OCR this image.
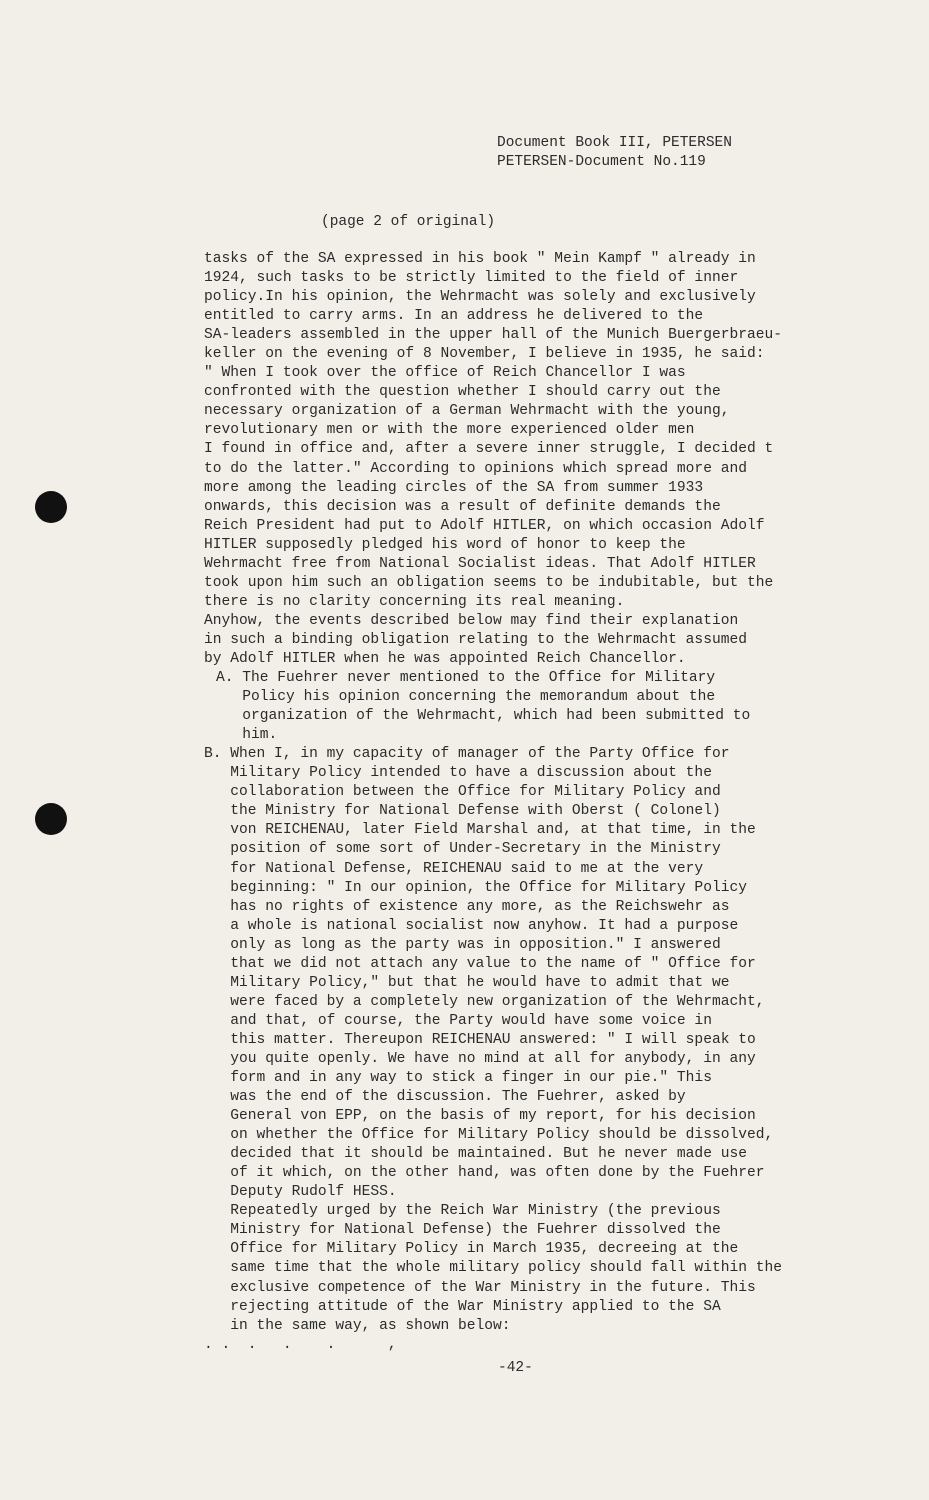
Document Book III, PETERSEN
PETERSEN-Document No.119
(page 2 of original)
tasks of the SA expressed in his book " Mein Kampf " already in
1924, such tasks to be strictly limited to the field of inner
policy.In his opinion, the Wehrmacht was solely and exclusively
entitled to carry arms. In an address he delivered to the
SA-leaders assembled in the upper hall of the Munich Buergerbraeu-
keller on the evening of 8 November, I believe in 1935, he said:
" When I took over the office of Reich Chancellor I was
confronted with the question whether I should carry out the
necessary organization of a German Wehrmacht with the young,
revolutionary men or with the more experienced older men
I found in office and, after a severe inner struggle, I decided t
to do the latter." According to opinions which spread more and
more among the leading circles of the SA from summer 1933
onwards, this decision was a result of definite demands the
Reich President had put to Adolf HITLER, on which occasion Adolf
HITLER supposedly pledged his word of honor to keep the
Wehrmacht free from National Socialist ideas. That Adolf HITLER
took upon him such an obligation seems to be indubitable, but the
there is no clarity concerning its real meaning.
Anyhow, the events described below may find their explanation
in such a binding obligation relating to the Wehrmacht assumed
by Adolf HITLER when he was appointed Reich Chancellor.
A. The Fuehrer never mentioned to the Office for Military
Policy his opinion concerning the memorandum about the
organization of the Wehrmacht, which had been submitted to
him.
B. When I, in my capacity of manager of the Party Office for
Military Policy intended to have a discussion about the
collaboration between the Office for Military Policy and
the Ministry for National Defense with Oberst ( Colonel)
von REICHENAU, later Field Marshal and, at that time, in the
position of some sort of Under-Secretary in the Ministry
for National Defense, REICHENAU said to me at the very
beginning: " In our opinion, the Office for Military Policy
has no rights of existence any more, as the Reichswehr as
a whole is national socialist now anyhow. It had a purpose
only as long as the party was in opposition." I answered
that we did not attach any value to the name of " Office for
Military Policy," but that he would have to admit that we
were faced by a completely new organization of the Wehrmacht,
and that, of course, the Party would have some voice in
this matter. Thereupon REICHENAU answered: " I will speak to
you quite openly. We have no mind at all for anybody, in any
form and in any way to stick a finger in our pie." This
was the end of the discussion. The Fuehrer, asked by
General von EPP, on the basis of my report, for his decision
on whether the Office for Military Policy should be dissolved,
decided that it should be maintained. But he never made use
of it which, on the other hand, was often done by the Fuehrer
Deputy Rudolf HESS.
Repeatedly urged by the Reich War Ministry (the previous
Ministry for National Defense) the Fuehrer dissolved the
Office for Military Policy in March 1935, decreeing at the
same time that the whole military policy should fall within the
exclusive competence of the War Ministry in the future. This
rejecting attitude of the War Ministry applied to the SA
in the same way, as shown below:
. .  .   .    .      ,
-42-
